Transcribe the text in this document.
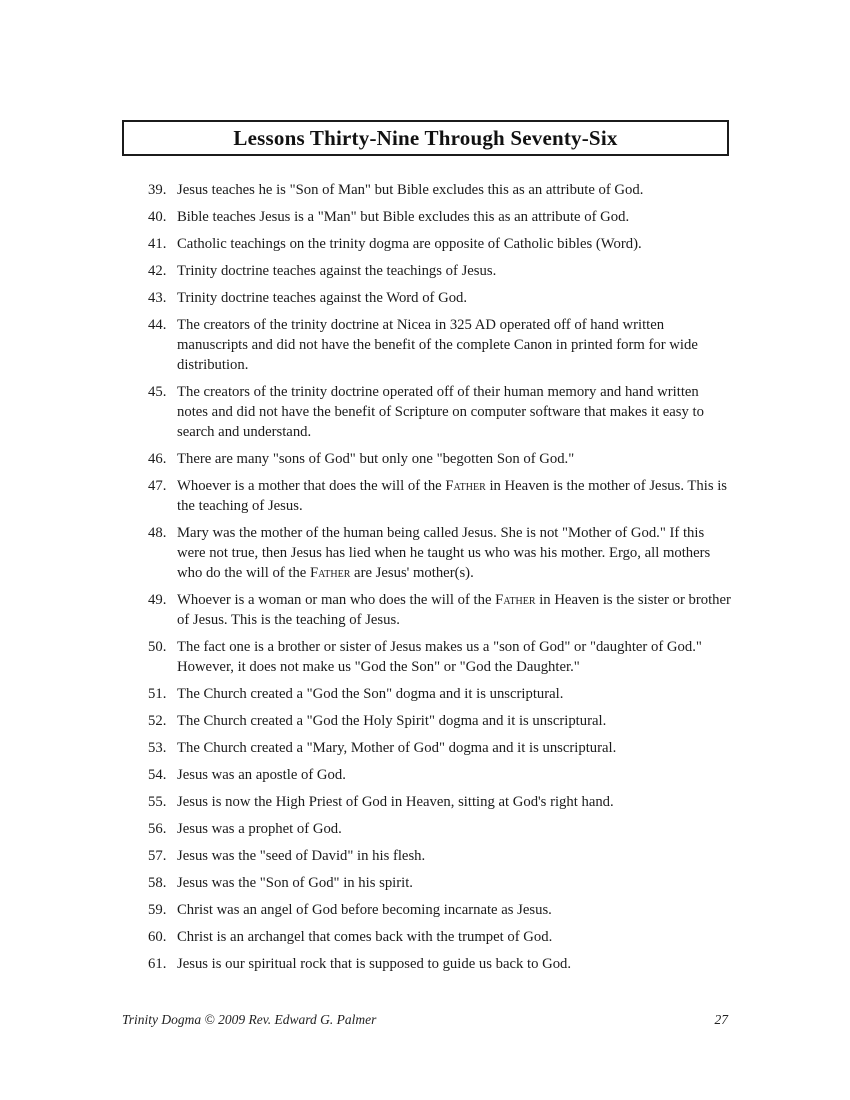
Lessons Thirty-Nine Through Seventy-Six
39. Jesus teaches he is "Son of Man" but Bible excludes this as an attribute of God.
40. Bible teaches Jesus is a "Man" but Bible excludes this as an attribute of God.
41. Catholic teachings on the trinity dogma are opposite of Catholic bibles (Word).
42. Trinity doctrine teaches against the teachings of Jesus.
43. Trinity doctrine teaches against the Word of God.
44. The creators of the trinity doctrine at Nicea in 325 AD operated off of hand written manuscripts and did not have the benefit of the complete Canon in printed form for wide distribution.
45. The creators of the trinity doctrine operated off of their human memory and hand written notes and did not have the benefit of Scripture on computer software that makes it easy to search and understand.
46. There are many "sons of God" but only one "begotten Son of God."
47. Whoever is a mother that does the will of the Father in Heaven is the mother of Jesus. This is the teaching of Jesus.
48. Mary was the mother of the human being called Jesus. She is not "Mother of God." If this were not true, then Jesus has lied when he taught us who was his mother. Ergo, all mothers who do the will of the Father are Jesus' mother(s).
49. Whoever is a woman or man who does the will of the Father in Heaven is the sister or brother of Jesus. This is the teaching of Jesus.
50. The fact one is a brother or sister of Jesus makes us a "son of God" or "daughter of God." However, it does not make us "God the Son" or "God the Daughter."
51. The Church created a "God the Son" dogma and it is unscriptural.
52. The Church created a "God the Holy Spirit" dogma and it is unscriptural.
53. The Church created a "Mary, Mother of God" dogma and it is unscriptural.
54. Jesus was an apostle of God.
55. Jesus is now the High Priest of God in Heaven, sitting at God's right hand.
56. Jesus was a prophet of God.
57. Jesus was the "seed of David" in his flesh.
58. Jesus was the "Son of God" in his spirit.
59. Christ was an angel of God before becoming incarnate as Jesus.
60. Christ is an archangel that comes back with the trumpet of God.
61. Jesus is our spiritual rock that is supposed to guide us back to God.
Trinity Dogma © 2009 Rev. Edward G. Palmer	27
